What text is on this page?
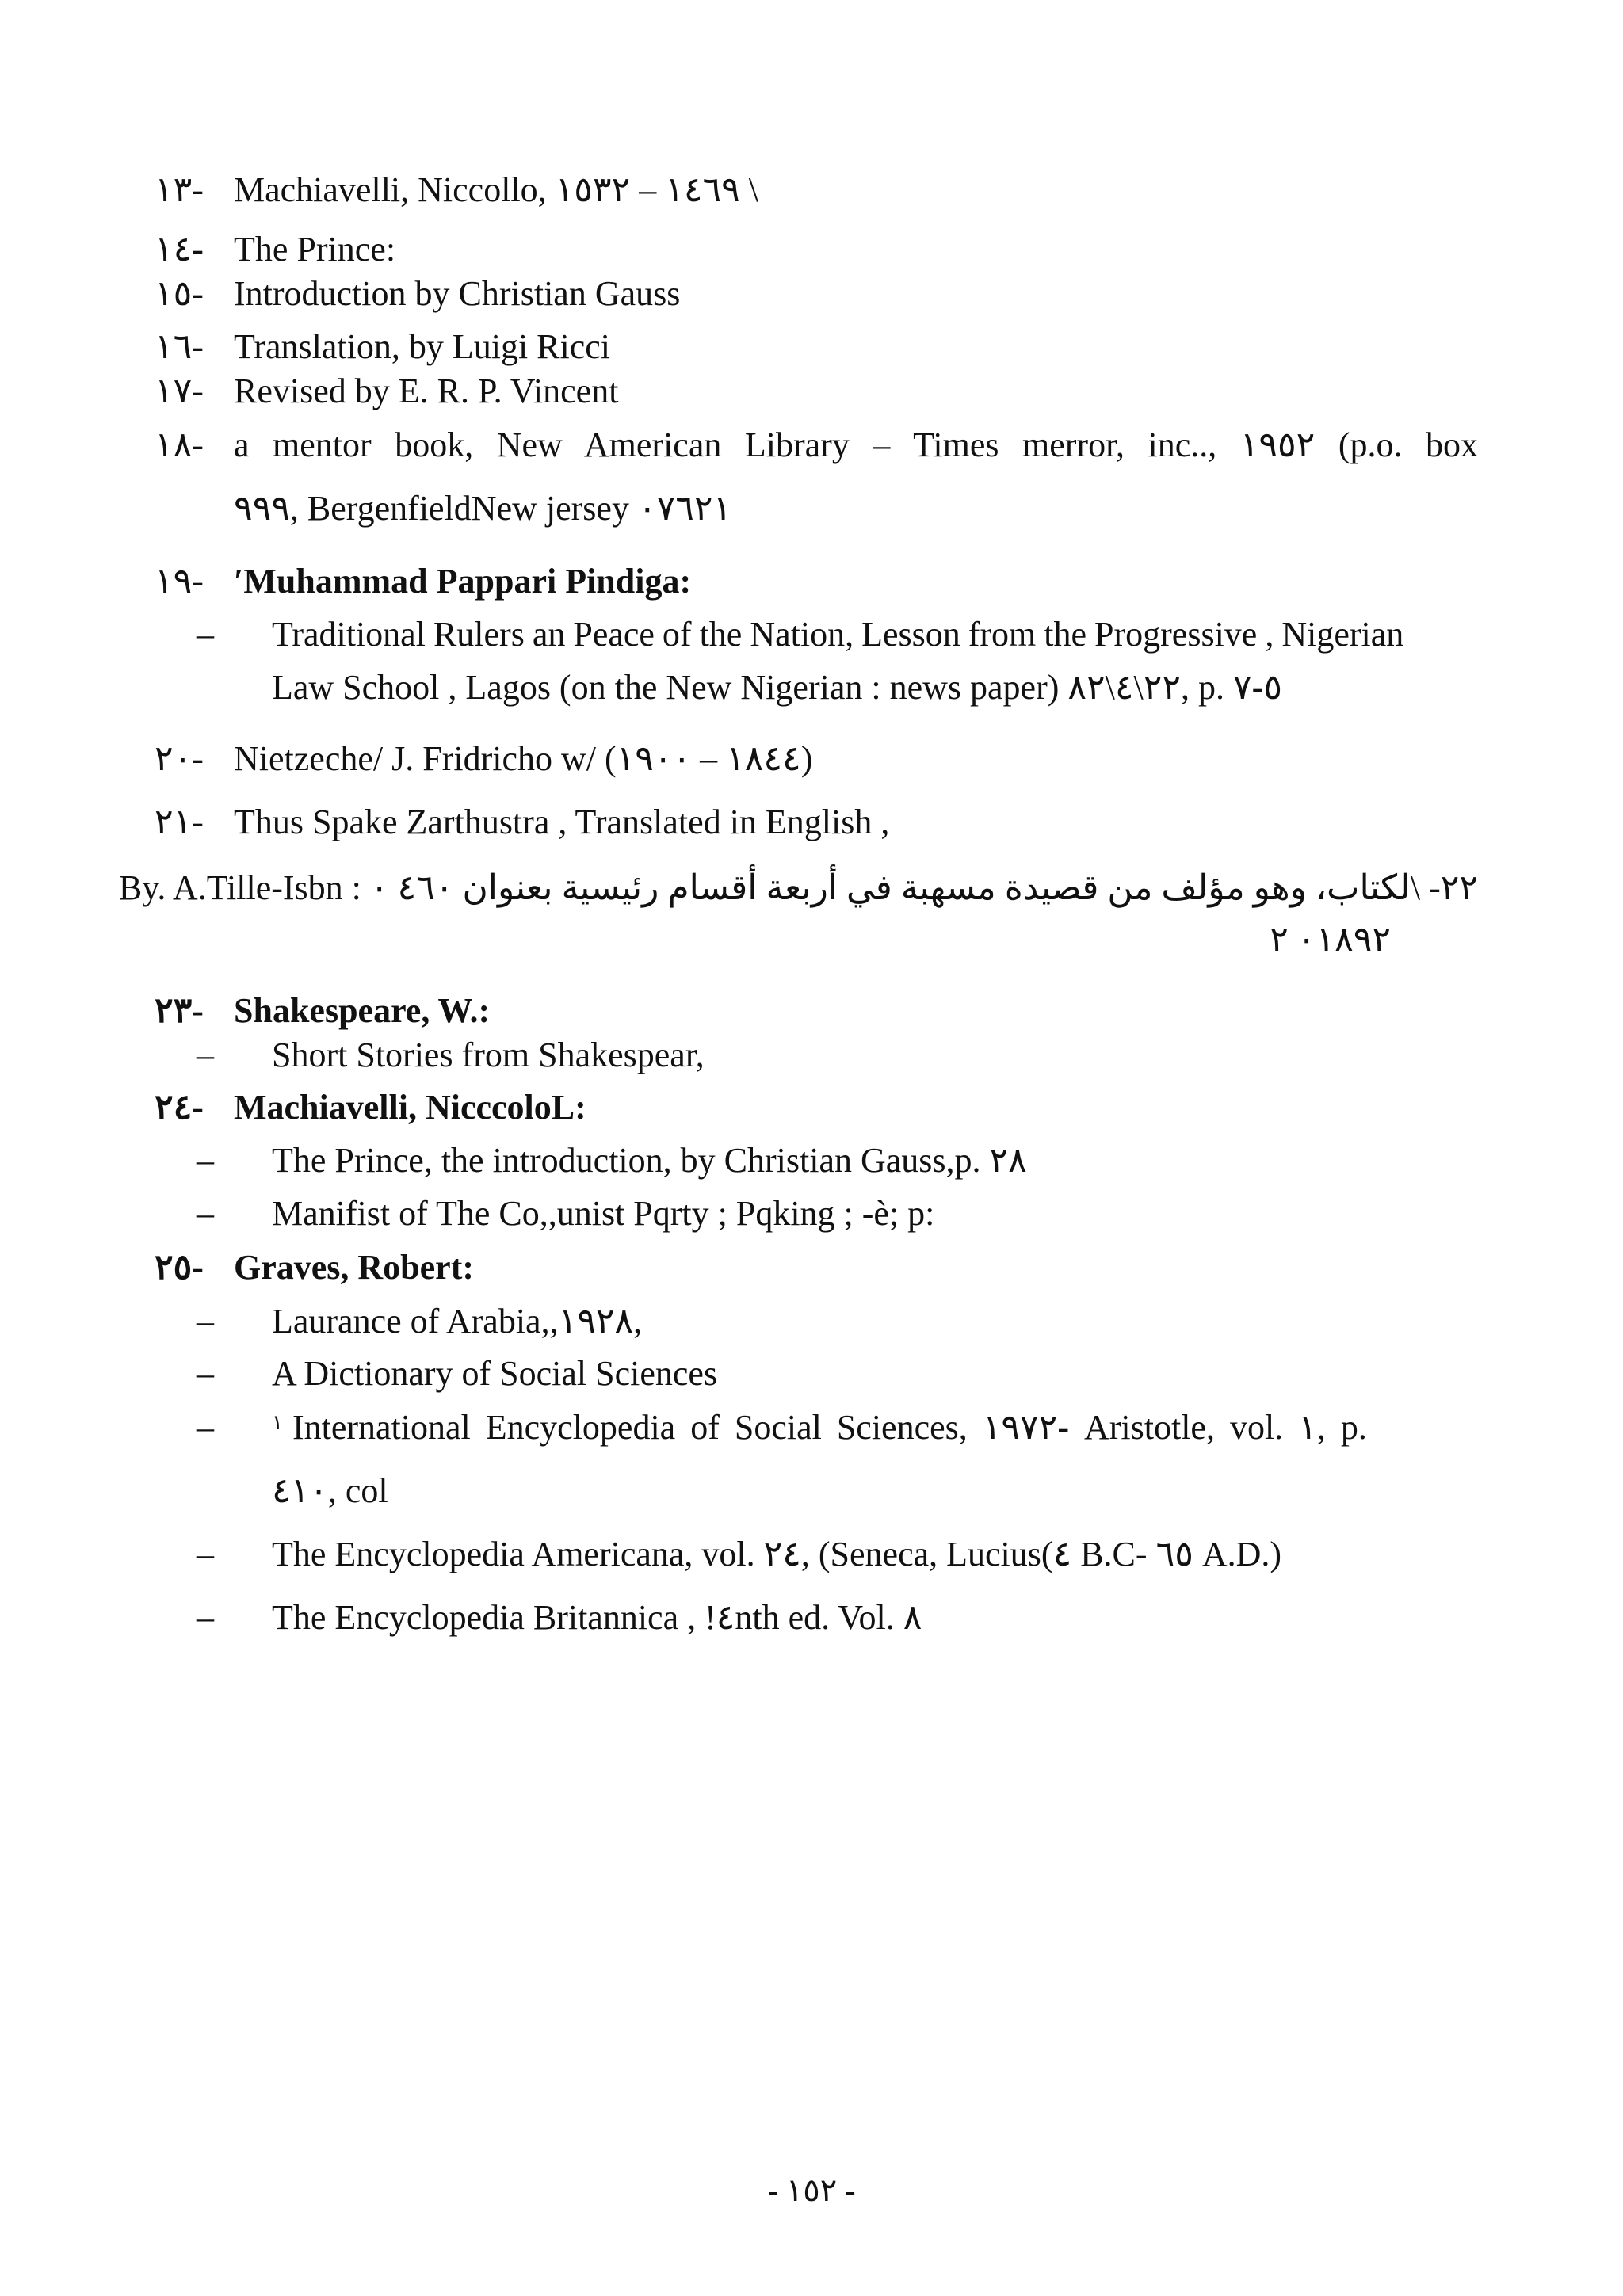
١٣- Machiavelli, Niccollo, ١٤٦٩ – ١٥٣٢ \
١٤- The Prince:
١٥- Introduction by Christian Gauss
١٦- Translation, by Luigi Ricci
١٧- Revised by E. R. P. Vincent
١٨- a mentor book, New American Library – Times merror, inc.., ١٩٥٢ (p.o. box
٩٩٩, BergenfieldNew jersey ٠٧٦٢١
١٩- ʹMuhammad Pappari Pindiga:
–	Traditional Rulers an Peace of the Nation, Lesson from the Progressive , Nigerian
Law School , Lagos (on the New Nigerian : news paper) ٢٢\٤\٨٢, p. ٥-٧
٢٠- Nietzeche/ J. Fridricho w/ (١٨٤٤ – ١٩٠٠)
٢١- Thus Spake Zarthustra , Translated in English ,
٢٢- \لكتاب، وهو مؤلف من قصيدة مسهبة في أربعة أقسام رئيسية بعنوان ٤٦٠ ٠ : By. A.Tille-Isbn
٠١٨٩٢ ٢
٢٣- Shakespeare, W.:
– Short Stories from Shakespear,
٢٤- Machiavelli, NicccoloL:
– The Prince, the introduction, by Christian Gauss,p. ٢٨
– Manifist of The Co,,unist Pqrty ; Pqking ; -è; p:
٢٥- Graves, Robert:
– Laurance of Arabia,,١٩٢٨,
– A Dictionary of Social Sciences
–	$^١$ International Encyclopedia of Social Sciences, ١٩٧٢- Aristotle, vol. ١, p.
٤١٠, col
– The Encyclopedia Americana, vol. ٢٤, (Seneca, Lucius(٤ B.C- ٦٥ A.D.)
– The Encyclopedia Britannica , !٤nth ed. Vol. ٨
- ١٥٢ -
